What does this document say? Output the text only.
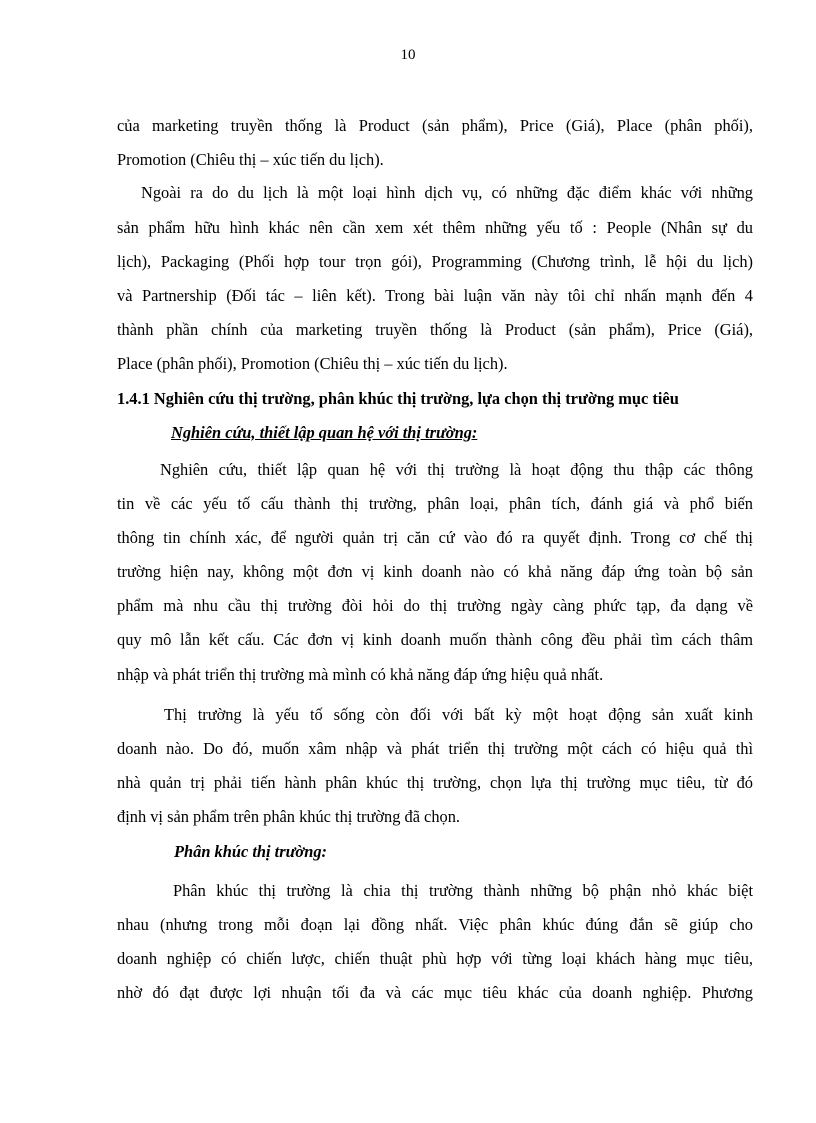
10
của marketing truyền thống là Product (sản phẩm), Price (Giá), Place (phân phối),
Promotion (Chiêu thị – xúc tiến du lịch).
Ngoài ra do du lịch là một loại hình dịch vụ, có những đặc điểm khác với những
sản phẩm hữu hình khác nên cần xem xét thêm những yếu tố : People (Nhân sự du
lịch), Packaging (Phối hợp tour trọn gói), Programming (Chương trình, lễ hội du lịch)
và Partnership (Đối tác – liên kết). Trong bài luận văn này tôi chỉ nhấn mạnh đến 4
thành phần chính của marketing truyền thống là Product (sản phẩm), Price (Giá),
Place (phân phối), Promotion (Chiêu thị – xúc tiến du lịch).
1.4.1 Nghiên cứu thị trường, phân khúc thị trường, lựa chọn thị trường mục tiêu
Nghiên cứu, thiết lập quan hệ với thị trường:
Nghiên cứu, thiết lập quan hệ với thị trường là hoạt động thu thập các thông
tin về các yếu tố cấu thành thị trường, phân loại, phân tích, đánh giá và phổ biến
thông tin chính xác, để người quản trị căn cứ vào đó ra quyết định. Trong cơ chế thị
trường hiện nay, không một đơn vị kinh doanh nào có khả năng đáp ứng toàn bộ sản
phẩm mà nhu cầu thị trường đòi hỏi do thị trường ngày càng phức tạp, đa dạng về
quy mô lẫn kết cấu. Các đơn vị kinh doanh muốn thành công đều phải tìm cách thâm
nhập và phát triển thị trường mà mình có khả năng đáp ứng hiệu quả nhất.
Thị trường là yếu tố sống còn đối với bất kỳ một hoạt động sản xuất kinh
doanh nào. Do đó, muốn xâm nhập và phát triển thị trường một cách có hiệu quả thì
nhà quản trị phải tiến hành phân khúc thị trường, chọn lựa thị trường mục tiêu, từ đó
định vị sản phẩm trên phân khúc thị trường đã chọn.
Phân khúc thị trường:
Phân khúc thị trường là chia thị trường thành những bộ phận nhỏ khác biệt
nhau (nhưng trong mỗi đoạn lại đồng nhất. Việc phân khúc đúng đắn sẽ giúp cho
doanh nghiệp có chiến lược, chiến thuật phù hợp với từng loại khách hàng mục tiêu,
nhờ đó đạt được lợi nhuận tối đa và các mục tiêu khác của doanh nghiệp. Phương
